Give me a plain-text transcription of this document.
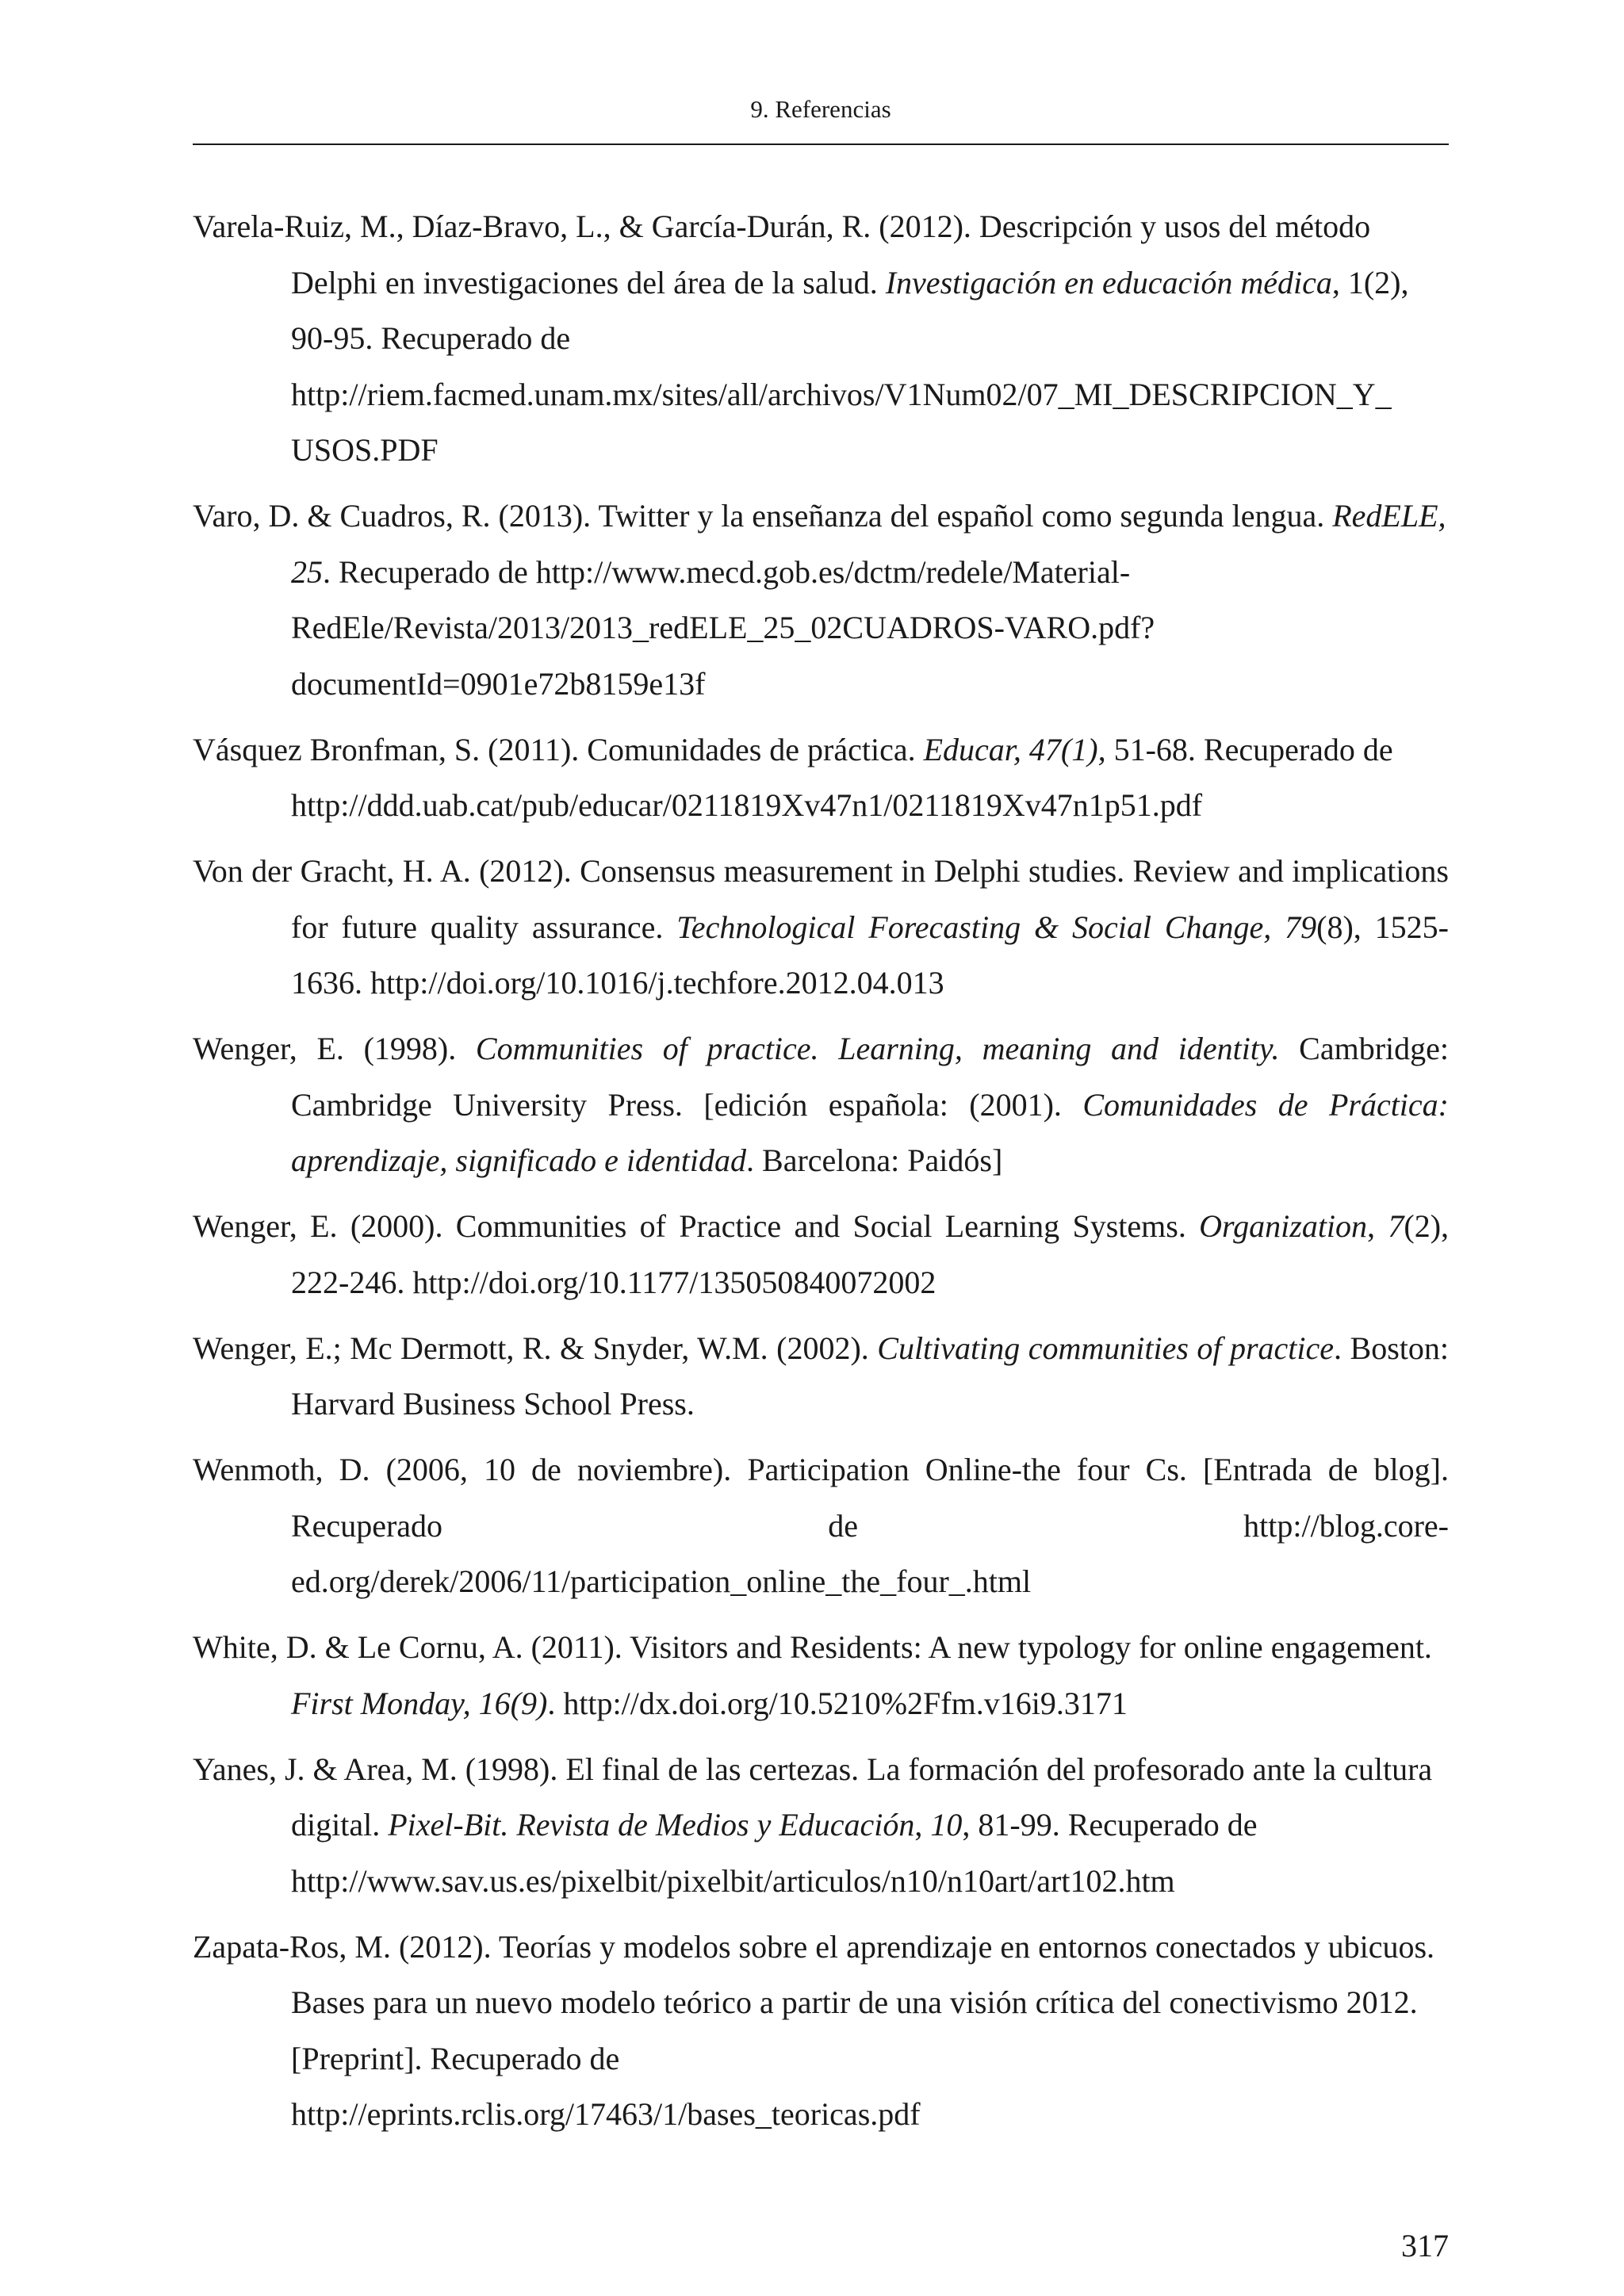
9. Referencias
Varela-Ruiz, M., Díaz-Bravo, L., & García-Durán, R. (2012). Descripción y usos del método Delphi en investigaciones del área de la salud. Investigación en educación médica, 1(2), 90-95. Recuperado de
http://riem.facmed.unam.mx/sites/all/archivos/V1Num02/07_MI_DESCRIPCION_Y_
USOS.PDF
Varo, D. & Cuadros, R. (2013). Twitter y la enseñanza del español como segunda lengua. RedELE, 25. Recuperado de http://www.mecd.gob.es/dctm/redele/Material-RedEle/Revista/2013/2013_redELE_25_02CUADROS-VARO.pdf?documentId=0901e72b8159e13f
Vásquez Bronfman, S. (2011). Comunidades de práctica. Educar, 47(1), 51-68. Recuperado de http://ddd.uab.cat/pub/educar/0211819Xv47n1/0211819Xv47n1p51.pdf
Von der Gracht, H. A. (2012). Consensus measurement in Delphi studies. Review and implications for future quality assurance. Technological Forecasting & Social Change, 79(8), 1525-1636. http://doi.org/10.1016/j.techfore.2012.04.013
Wenger, E. (1998). Communities of practice. Learning, meaning and identity. Cambridge: Cambridge University Press. [edición española: (2001). Comunidades de Práctica: aprendizaje, significado e identidad. Barcelona: Paidós]
Wenger, E. (2000). Communities of Practice and Social Learning Systems. Organization, 7(2), 222-246. http://doi.org/10.1177/135050840072002
Wenger, E.; Mc Dermott, R. & Snyder, W.M. (2002). Cultivating communities of practice. Boston: Harvard Business School Press.
Wenmoth, D. (2006, 10 de noviembre). Participation Online-the four Cs. [Entrada de blog].
Recuperado de http://blog.core-
ed.org/derek/2006/11/participation_online_the_four_.html
White, D. & Le Cornu, A. (2011). Visitors and Residents: A new typology for online engagement. First Monday, 16(9). http://dx.doi.org/10.5210%2Ffm.v16i9.3171
Yanes, J. & Area, M. (1998). El final de las certezas. La formación del profesorado ante la cultura digital. Pixel-Bit. Revista de Medios y Educación, 10, 81-99. Recuperado de http://www.sav.us.es/pixelbit/pixelbit/articulos/n10/n10art/art102.htm
Zapata-Ros, M. (2012). Teorías y modelos sobre el aprendizaje en entornos conectados y ubicuos. Bases para un nuevo modelo teórico a partir de una visión crítica del conectivismo 2012. [Preprint]. Recuperado de
http://eprints.rclis.org/17463/1/bases_teoricas.pdf
317
